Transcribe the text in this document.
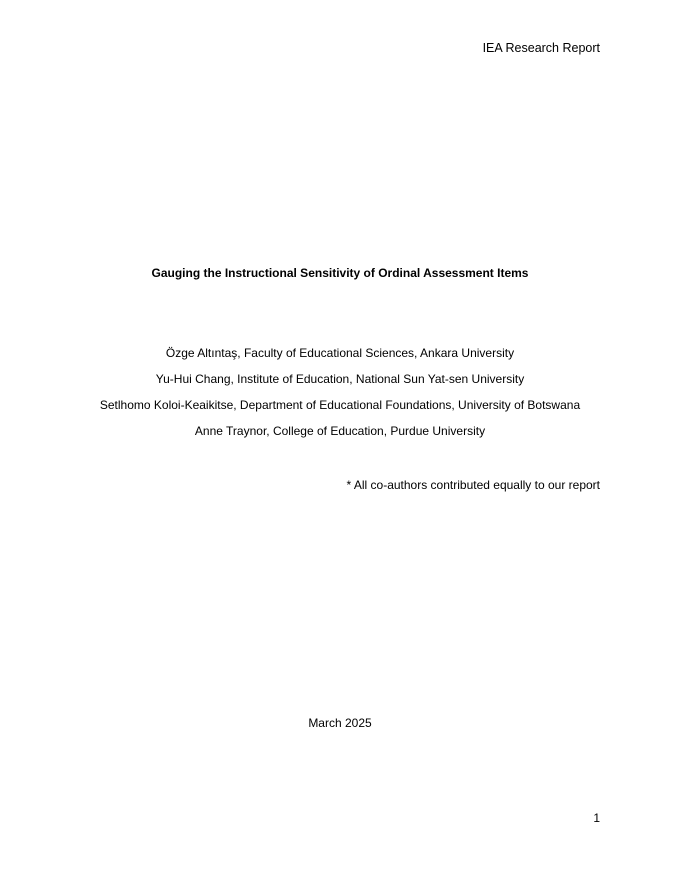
IEA Research Report
Gauging the Instructional Sensitivity of Ordinal Assessment Items
Özge Altıntaş, Faculty of Educational Sciences, Ankara University
Yu-Hui Chang, Institute of Education, National Sun Yat-sen University
Setlhomo Koloi-Keaikitse, Department of Educational Foundations, University of Botswana
Anne Traynor, College of Education, Purdue University
* All co-authors contributed equally to our report
March 2025
1
